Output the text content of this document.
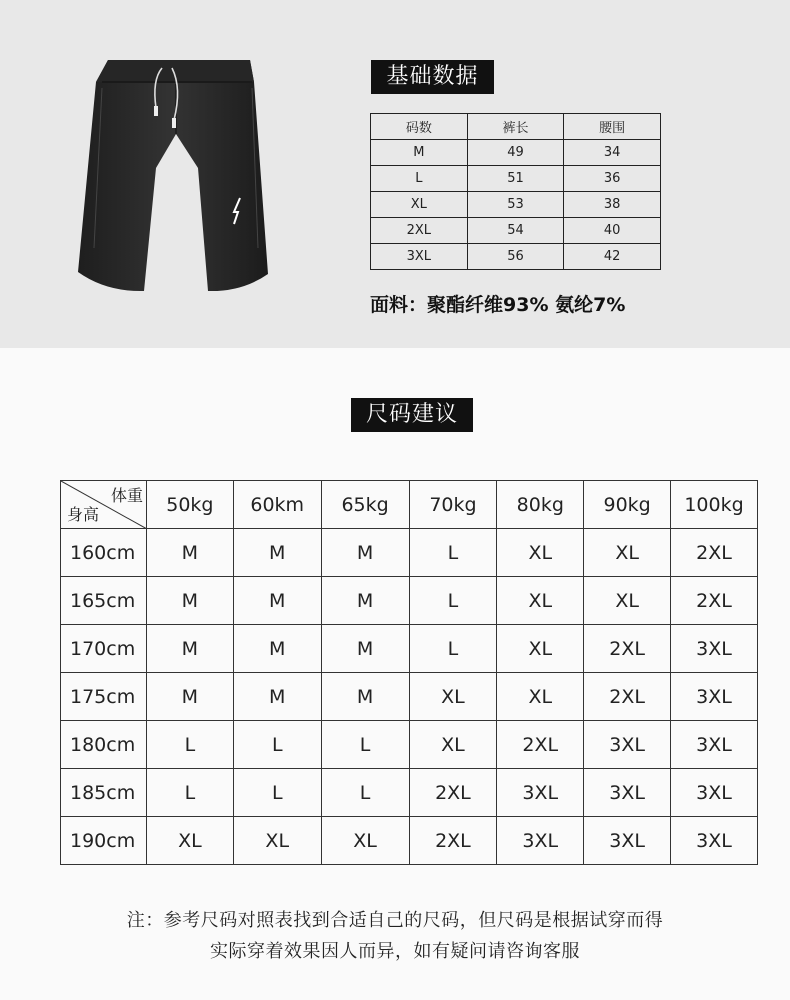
基础数据
码数	裤长	腰围
M	49	34
L	51	36
XL	53	38
2XL	54	40
3XL	56	42
面料：聚酯纤维93% 氨纶7%
尺码建议
体重
身高	50kg	60km	65kg	70kg	80kg	90kg	100kg
160cm	M	M	M	L	XL	XL	2XL
165cm	M	M	M	L	XL	XL	2XL
170cm	M	M	M	L	XL	2XL	3XL
175cm	M	M	M	XL	XL	2XL	3XL
180cm	L	L	L	XL	2XL	3XL	3XL
185cm	L	L	L	2XL	3XL	3XL	3XL
190cm	XL	XL	XL	2XL	3XL	3XL	3XL
注：参考尺码对照表找到合适自己的尺码，但尺码是根据试穿而得
实际穿着效果因人而异，如有疑问请咨询客服
